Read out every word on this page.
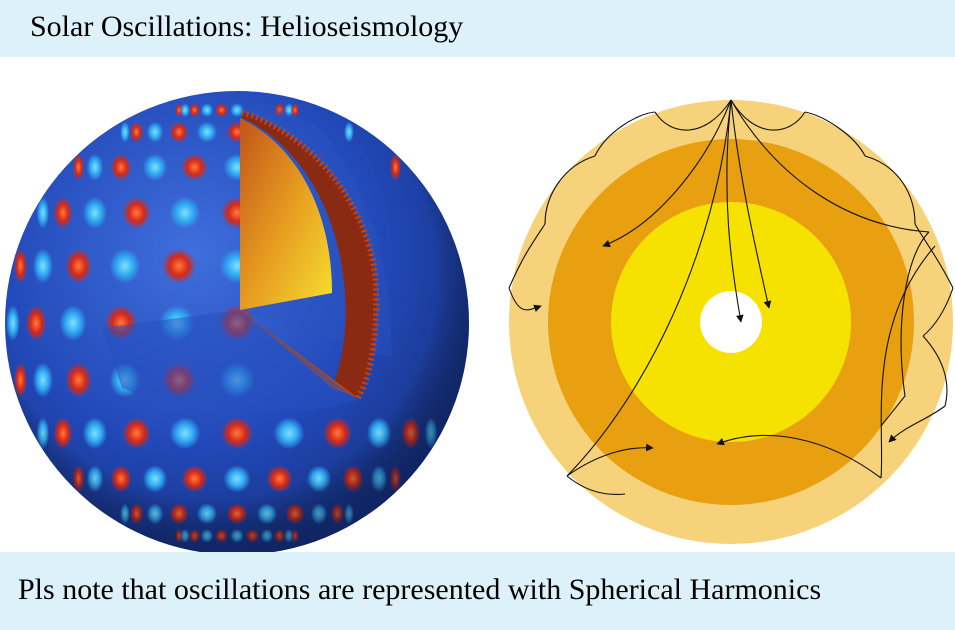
Solar Oscillations: Helioseismology
Pls note that oscillations are represented with Spherical Harmonics
